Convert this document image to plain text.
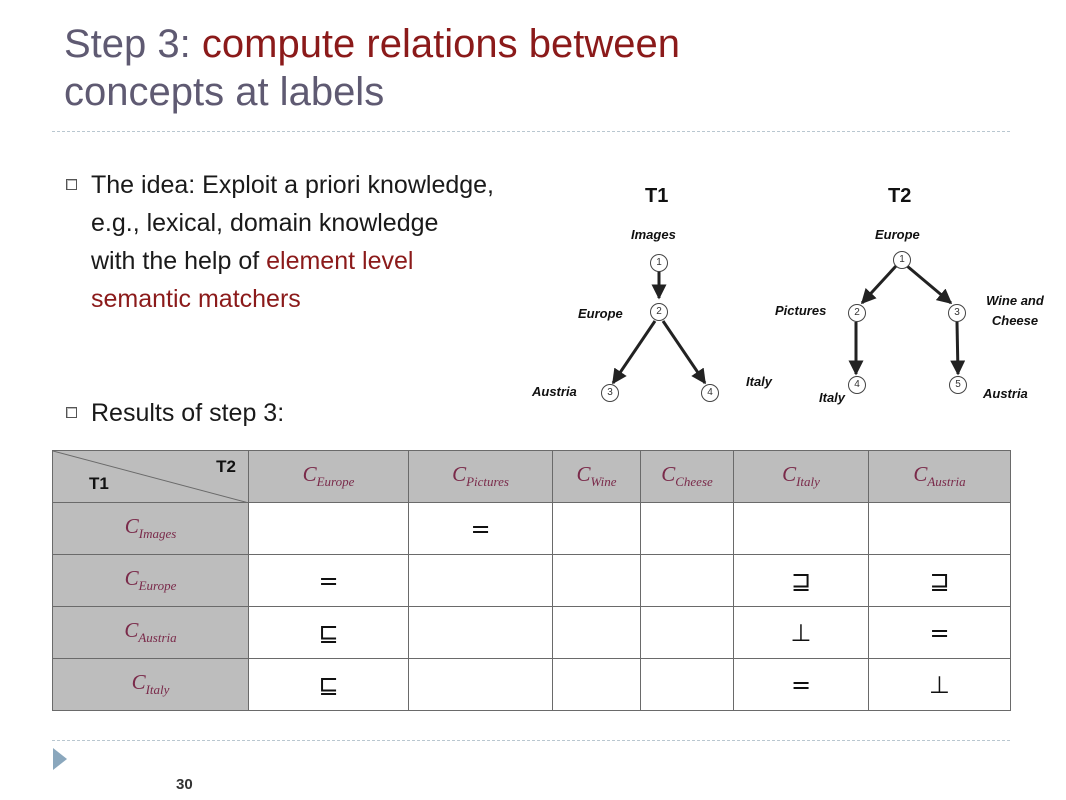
Step 3: compute relations between
concepts at labels
The idea: Exploit a priori knowledge,
e.g., lexical, domain knowledge
with the help of element level
semantic matchers
Results of step 3:
T1	T2
Images
1
Europe	2
Austria	3
Italy
4
Europe
1
Pictures	2
Wine and Cheese
3
Italy
4
Austria
5
T2
T1	$C_{Europe}$	$C_{Pictures}$	$C_{Wine}$	$C_{Cheese}$	$C_{Italy}$	$C_{Austria}$
$C_{Images}$		=				
$C_{Europe}$	=				⊒	⊒
$C_{Austria}$	⊑				⊥	=
$C_{Italy}$	⊑				=	⊥
30
